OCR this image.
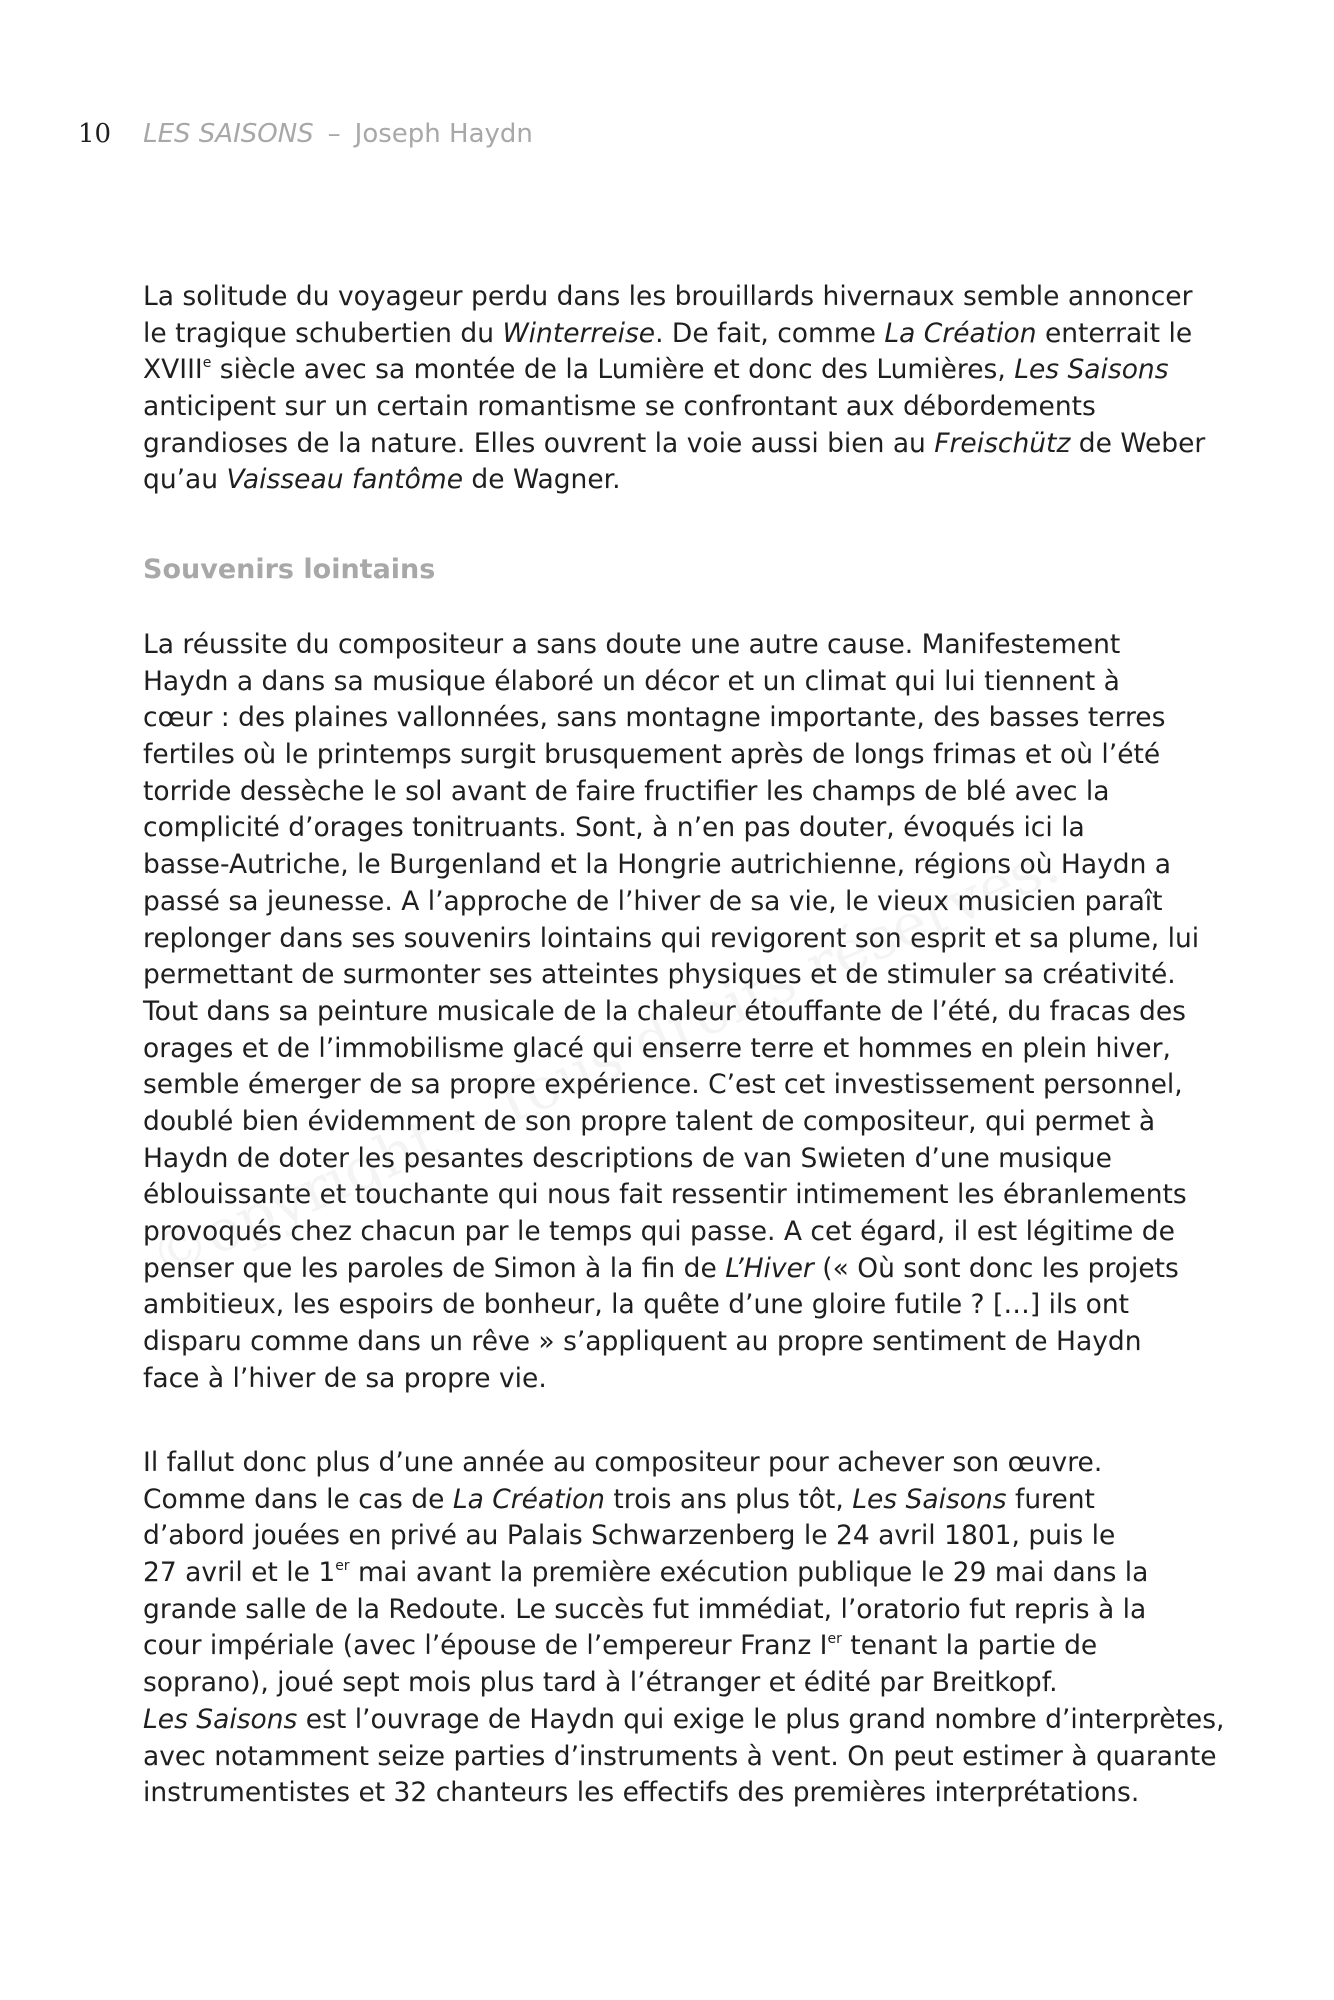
10 LES SAISONS – Joseph Haydn
La solitude du voyageur perdu dans les brouillards hivernaux semble annoncer
le tragique schubertien du Winterreise. De fait, comme La Création enterrait le
XVIIIe siècle avec sa montée de la Lumière et donc des Lumières, Les Saisons
anticipent sur un certain romantisme se confrontant aux débordements
grandioses de la nature. Elles ouvrent la voie aussi bien au Freischütz de Weber
qu’au Vaisseau fantôme de Wagner.
Souvenirs lointains
La réussite du compositeur a sans doute une autre cause. Manifestement
Haydn a dans sa musique élaboré un décor et un climat qui lui tiennent à
cœur : des plaines vallonnées, sans montagne importante, des basses terres
fertiles où le printemps surgit brusquement après de longs frimas et où l’été
torride dessèche le sol avant de faire fructifier les champs de blé avec la
complicité d’orages tonitruants. Sont, à n’en pas douter, évoqués ici la
basse-Autriche, le Burgenland et la Hongrie autrichienne, régions où Haydn a
passé sa jeunesse. A l’approche de l’hiver de sa vie, le vieux musicien paraît
replonger dans ses souvenirs lointains qui revigorent son esprit et sa plume, lui
permettant de surmonter ses atteintes physiques et de stimuler sa créativité.
Tout dans sa peinture musicale de la chaleur étouffante de l’été, du fracas des
orages et de l’immobilisme glacé qui enserre terre et hommes en plein hiver,
semble émerger de sa propre expérience. C’est cet investissement personnel,
doublé bien évidemment de son propre talent de compositeur, qui permet à
Haydn de doter les pesantes descriptions de van Swieten d’une musique
éblouissante et touchante qui nous fait ressentir intimement les ébranlements
provoqués chez chacun par le temps qui passe. A cet égard, il est légitime de
penser que les paroles de Simon à la fin de L’Hiver (« Où sont donc les projets
ambitieux, les espoirs de bonheur, la quête d’une gloire futile ? […] ils ont
disparu comme dans un rêve » s’appliquent au propre sentiment de Haydn
face à l’hiver de sa propre vie.
Il fallut donc plus d’une année au compositeur pour achever son œuvre.
Comme dans le cas de La Création trois ans plus tôt, Les Saisons furent
d’abord jouées en privé au Palais Schwarzenberg le 24 avril 1801, puis le
27 avril et le 1er mai avant la première exécution publique le 29 mai dans la
grande salle de la Redoute. Le succès fut immédiat, l’oratorio fut repris à la
cour impériale (avec l’épouse de l’empereur Franz Ier tenant la partie de
soprano), joué sept mois plus tard à l’étranger et édité par Breitkopf.
Les Saisons est l’ouvrage de Haydn qui exige le plus grand nombre d’interprètes,
avec notamment seize parties d’instruments à vent. On peut estimer à quarante
instrumentistes et 32 chanteurs les effectifs des premières interprétations.
